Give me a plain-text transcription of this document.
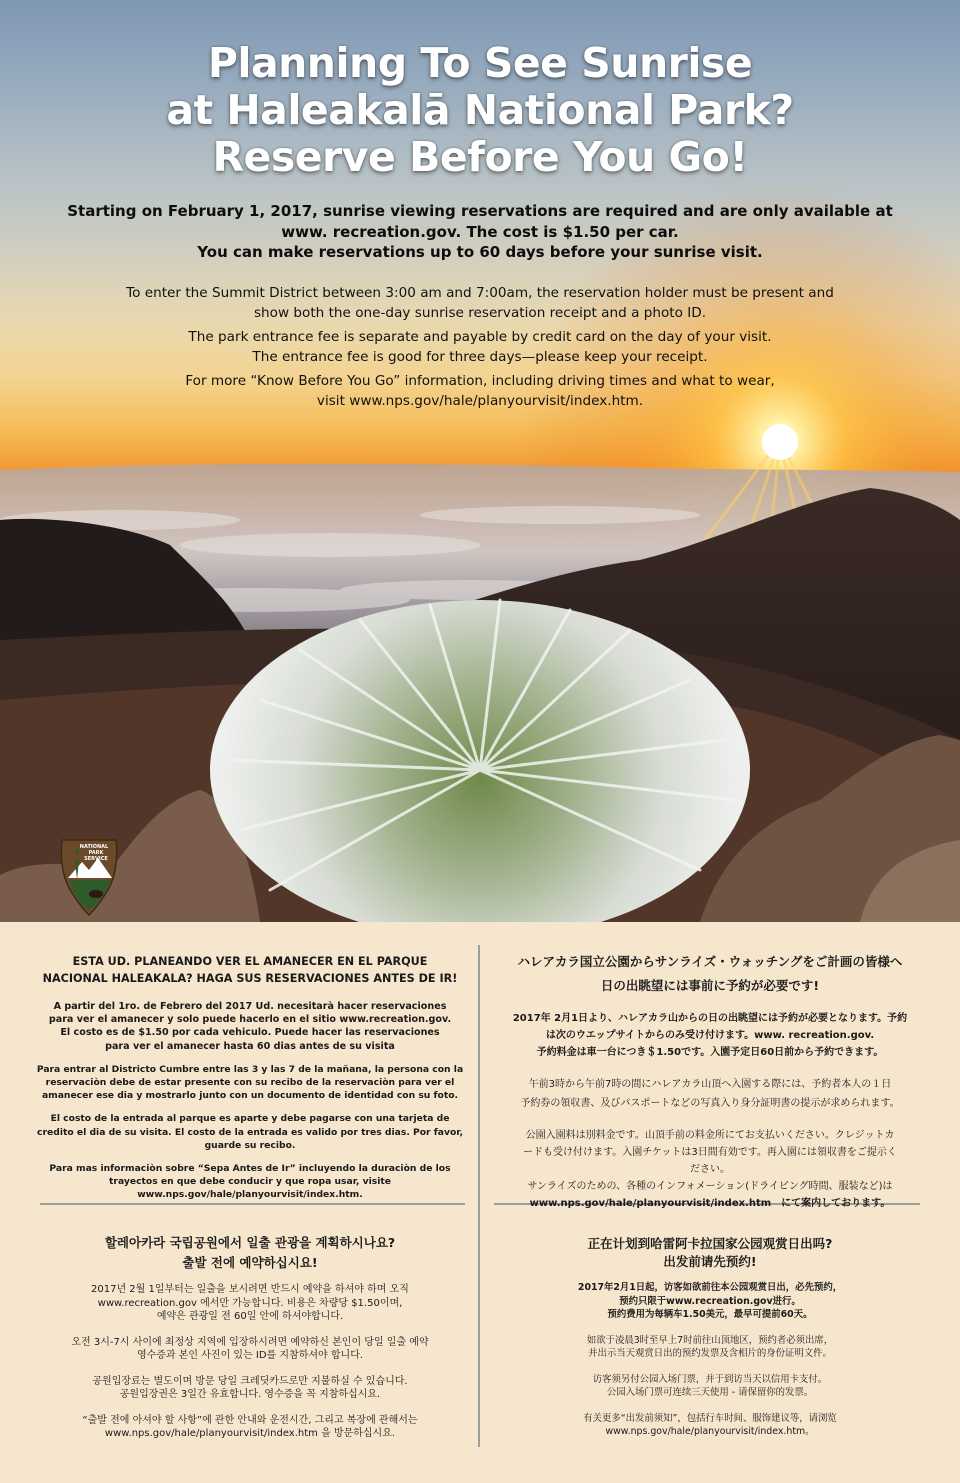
Planning To See Sunrise
at Haleakalā National Park?
Reserve Before You Go!
Starting on February 1, 2017, sunrise viewing reservations are required and are only available at
www. recreation.gov. The cost is $1.50 per car.
You can make reservations up to 60 days before your sunrise visit.
To enter the Summit District between 3:00 am and 7:00am, the reservation holder must be present and
show both the one-day sunrise reservation receipt and a photo ID.
The park entrance fee is separate and payable by credit card on the day of your visit.
The entrance fee is good for three days—please keep your receipt.
For more “Know Before You Go” information, including driving times and what to wear,
visit www.nps.gov/hale/planyourvisit/index.htm.
NATIONAL
PARK
SERVICE
ESTA UD. PLANEANDO VER EL AMANECER EN EL PARQUE
NACIONAL HALEAKALA? HAGA SUS RESERVACIONES ANTES DE IR!
A partir del 1ro. de Febrero del 2017 Ud. necesitarà hacer reservaciones
para ver el amanecer y solo puede hacerlo en el sitio www.recreation.gov.
El costo es de $1.50 por cada vehiculo. Puede hacer las reservaciones
para ver el amanecer hasta 60 dias antes de su visita
Para entrar al Districto Cumbre entre las 3 y las 7 de la mañana, la persona con la
reservaciòn debe de estar presente con su recibo de la reservaciòn para ver el
amanecer ese dia y mostrarlo junto con un documento de identidad con su foto.
El costo de la entrada al parque es aparte y debe pagarse con una tarjeta de
credito el dia de su visita. El costo de la entrada es valido por tres dias. Por favor,
guarde su recibo.
Para mas informaciòn sobre “Sepa Antes de Ir” incluyendo la duraciòn de los
trayectos en que debe conducir y que ropa usar, visite
www.nps.gov/hale/planyourvisit/index.htm.
ハレアカラ国立公園からサンライズ・ウォッチングをご計画の皆様へ
日の出眺望には事前に予約が必要です!
2017年 2月1日より、ハレアカラ山からの日の出眺望には予約が必要となります。予約
は次のウエップサイトからのみ受け付けます。www. recreation.gov.
予約料金は車一台につき＄1.50です。入園予定日60日前から予約できます。
午前3時から午前7時の間にハレアカラ山頂へ入園する際には、予約者本人の１日
予約券の領収書、及びパスポートなどの写真入り身分証明書の提示が求められます。
公園入園料は別料金です。山頂手前の料金所にてお支払いください。クレジットカ
ードも受け付けます。入園チケットは3日間有効です。再入園には領収書をご提示く
ださい。
サンライズのための、各種のインフォメーション(ドライビング時間、服装など)は
www.nps.gov/hale/planyourvisit/index.htm　にて案内しております。
할레아카라 국립공원에서 일출 관광을 계획하시나요?
출발 전에 예약하십시요!
2017년 2월 1일부터는 일출을 보시려면 반드시 예약을 하셔야 하며 오직
www.recreation.gov 에서만 가능합니다. 비용은 차량당 $1.50이며,
예약은 관광일 전 60일 안에 하셔야합니다.
오전 3시-7시 사이에 최정상 지역에 입장하시려면 예약하신 본인이 당일 일출 예약
영수증과 본인 사진이 있는 ID를 지참하셔야 합니다.
공원입장료는 별도이며 방문 당일 크레딧카드로만 지불하실 수 있습니다.
공원입장권은 3일간 유효합니다. 영수증을 꼭 지참하십시요.
“출발 전에 아셔야 할 사항”에 관한 안내와 운전시간, 그리고 복장에 관해서는
www.nps.gov/hale/planyourvisit/index.htm 을 방문하십시요.
正在计划到哈雷阿卡拉国家公园观赏日出吗?
出发前请先预约!
2017年2月1日起，访客如欲前往本公园观赏日出，必先预约，
预约只限于www.recreation.gov进行。
预约费用为每辆车1.50美元，最早可提前60天。
如欲于凌晨3时至早上7时前往山顶地区，预约者必须出席，
并出示当天观赏日出的预约发票及含相片的身份证明文件。
访客须另付公园入场门票，并于到访当天以信用卡支付。
公园入场门票可连续三天使用 - 请保留你的发票。
有关更多“出发前须知”，包括行车时间、服饰建议等，请浏览
www.nps.gov/hale/planyourvisit/index.htm。
